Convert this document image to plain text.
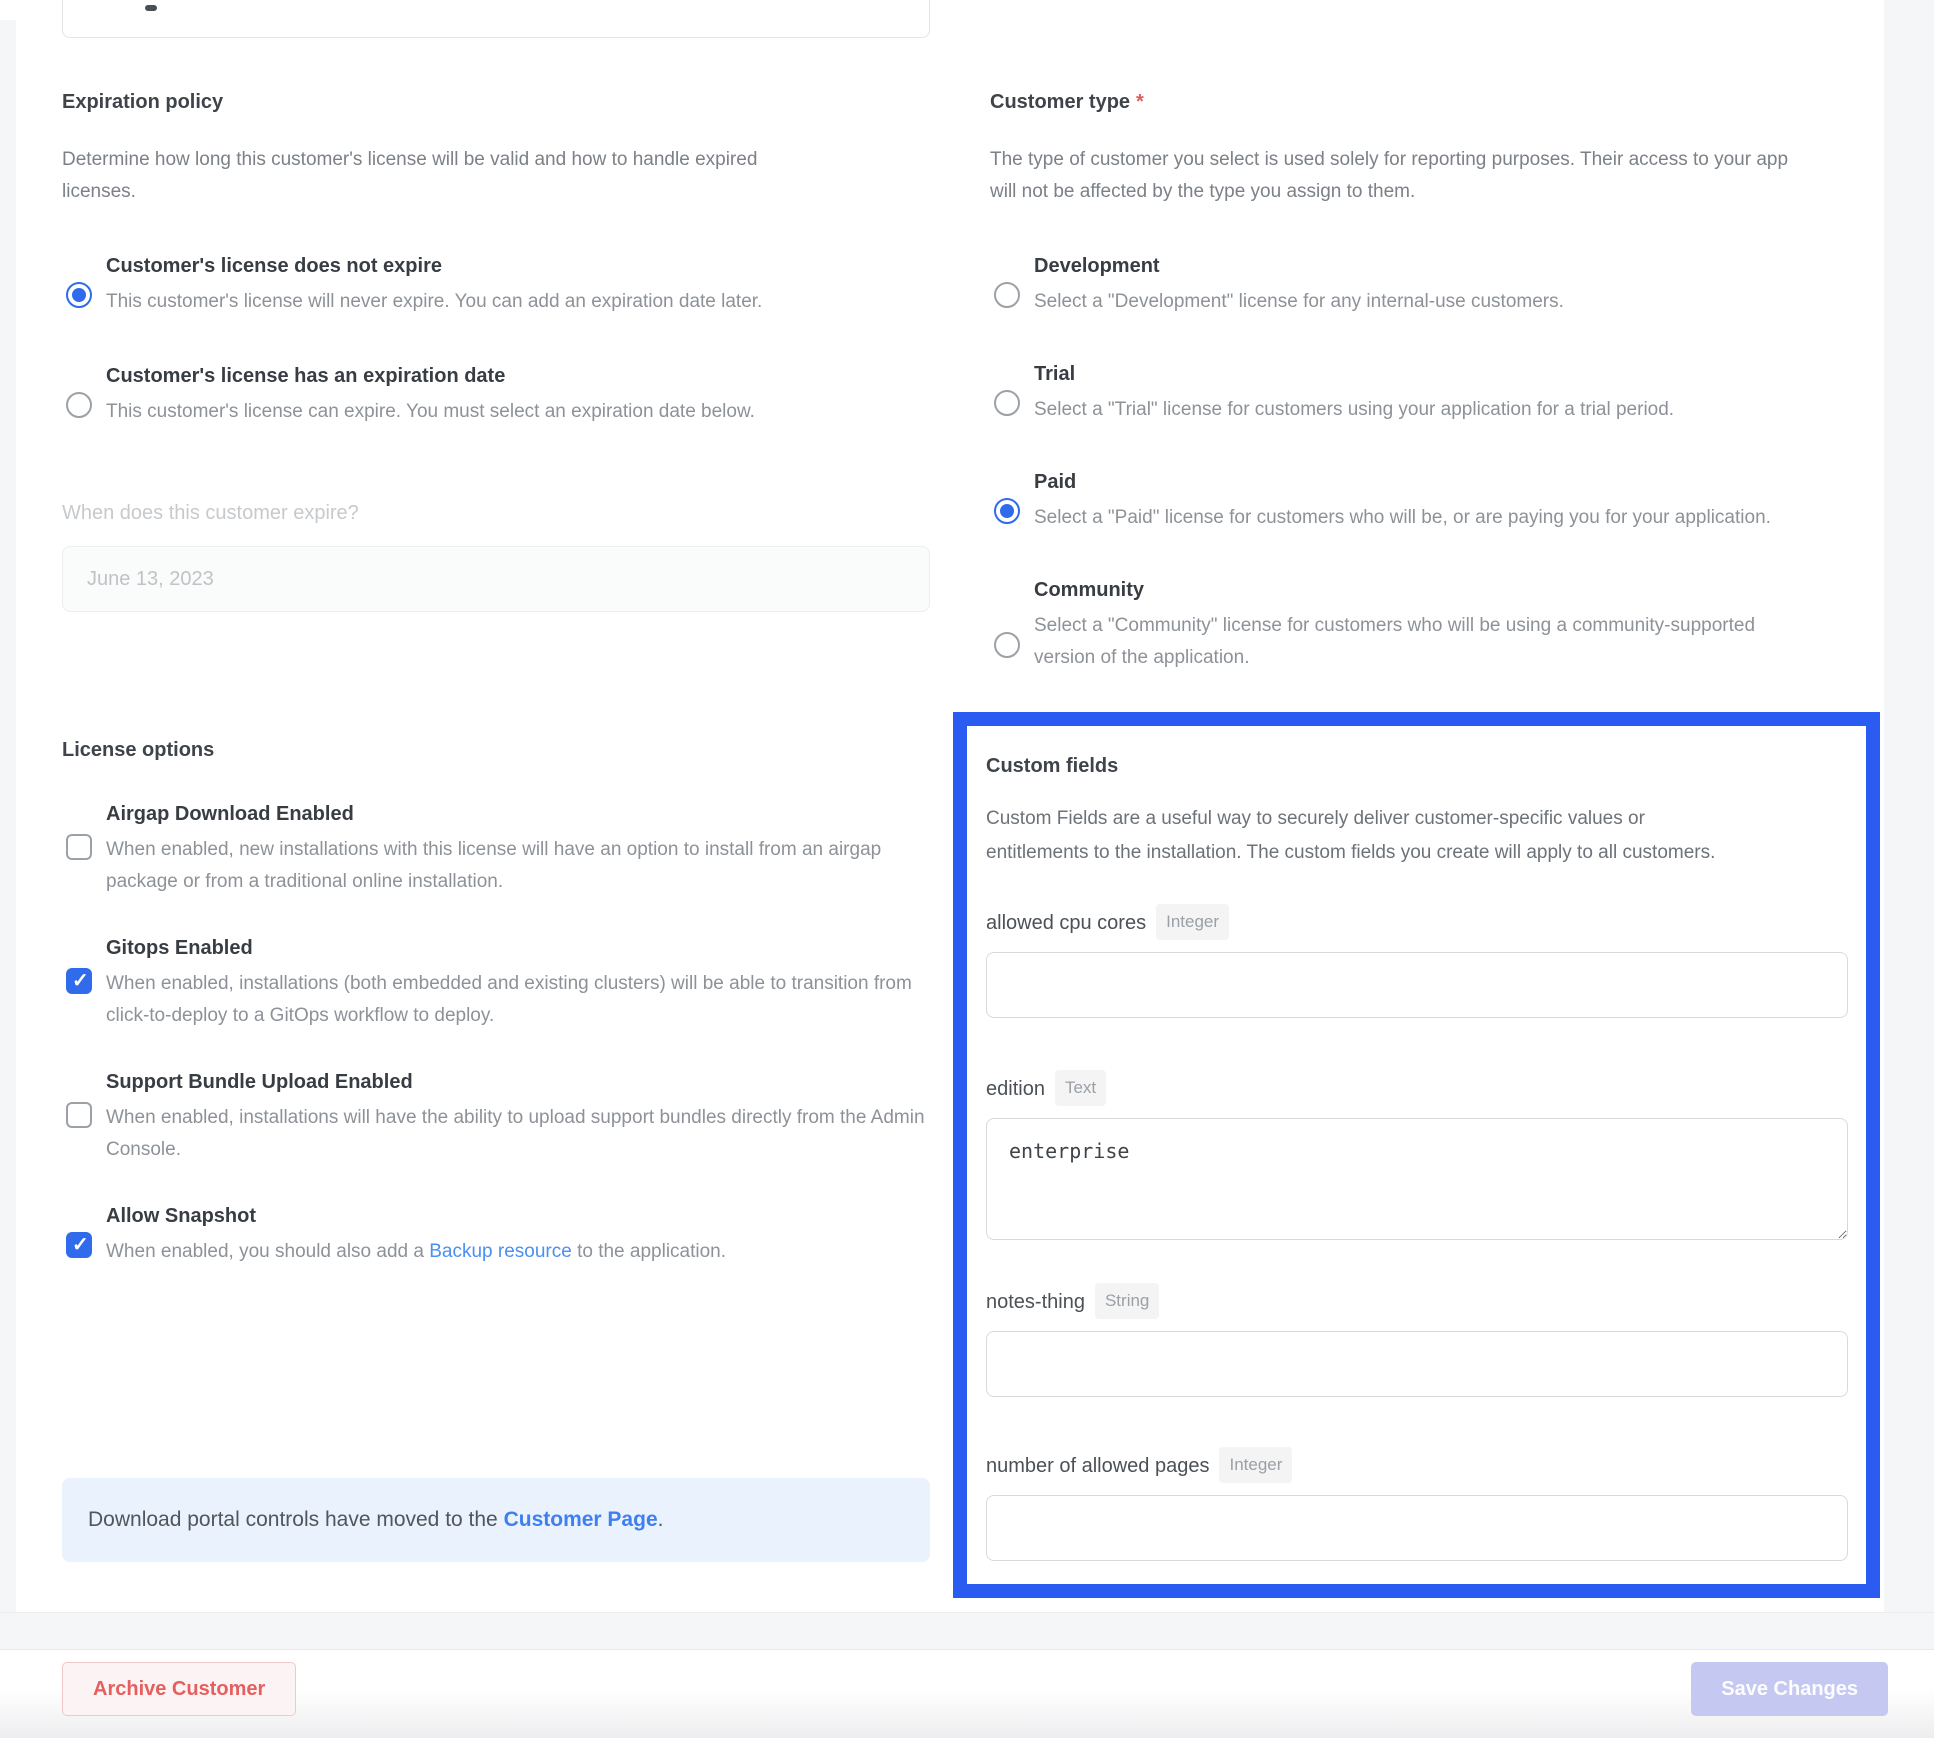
Expiration policy

Determine how long this customer's license will be valid and how to handle expired licenses.

Customer's license does not expire
This customer's license will never expire. You can add an expiration date later.
Customer's license has an expiration date
This customer's license can expire. You must select an expiration date below.
When does this customer expire?
June 13, 2023
License options
Airgap Download Enabled
When enabled, new installations with this license will have an option to install from an airgap package or from a traditional online installation.
✓
Gitops Enabled
When enabled, installations (both embedded and existing clusters) will be able to transition from click-to-deploy to a GitOps workflow to deploy.
Support Bundle Upload Enabled
When enabled, installations will have the ability to upload support bundles directly from the Admin Console.
✓
Allow Snapshot
When enabled, you should also add a Backup resource to the application.
Download portal controls have moved to the Customer Page.
Customer type *

The type of customer you select is used solely for reporting purposes. Their access to your app will not be affected by the type you assign to them.

Development
Select a "Development" license for any internal-use customers.
Trial
Select a "Trial" license for customers using your application for a trial period.
Paid
Select a "Paid" license for customers who will be, or are paying you for your application.
Community
Select a "Community" license for customers who will be using a community-supported version of the application.
Custom fields

Custom Fields are a useful way to securely deliver customer-specific values or entitlements to the installation. The custom fields you create will apply to all customers.

allowed cpu cores Integer
edition Text
enterprise
notes-thing String
number of allowed pages Integer
Archive Customer	Save Changes
